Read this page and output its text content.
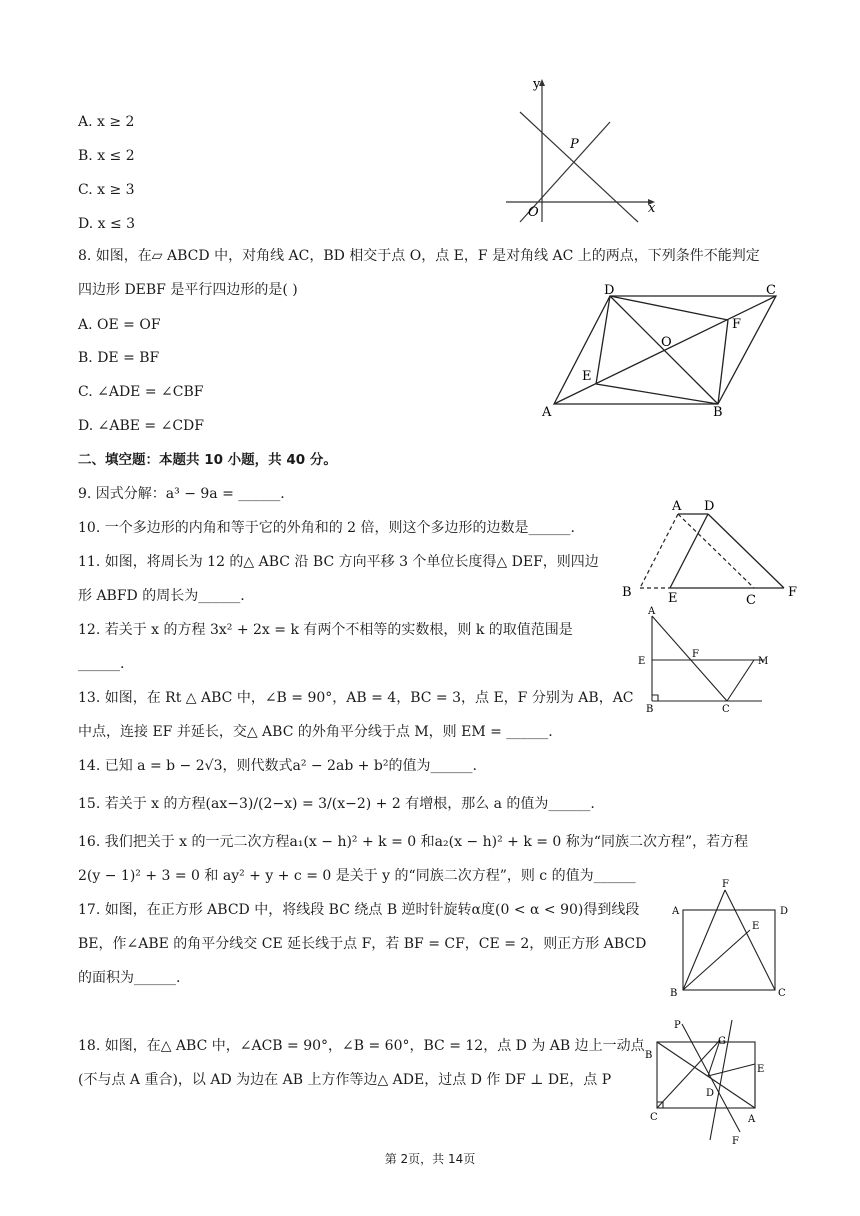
A. x ≥ 2
B. x ≤ 2
C. x ≥ 3
D. x ≤ 3
y
x
O
P
8. 如图，在▱ ABCD 中，对角线 AC，BD 相交于点 O，点 E，F 是对角线 AC 上的两点，下列条件不能判定
四边形 DEBF 是平行四边形的是( )
A. OE = OF
B. DE = BF
C. ∠ADE = ∠CBF
D. ∠ABE = ∠CDF
A	B
C
D
E
F
O
二、填空题：本题共 10 小题，共 40 分。
9. 因式分解：a³ − 9a = ______.
10. 一个多边形的内角和等于它的外角和的 2 倍，则这个多边形的边数是______.
11. 如图，将周长为 12 的△ ABC 沿 BC 方向平移 3 个单位长度得△ DEF，则四边
形 ABFD 的周长为______.
A D
B	E	C
F
12. 若关于 x 的方程 3x² + 2x = k 有两个不相等的实数根，则 k 的取值范围是
______.
13. 如图，在 Rt △ ABC 中，∠B = 90°，AB = 4，BC = 3，点 E，F 分别为 AB，AC
中点，连接 EF 并延长，交△ ABC 的外角平分线于点 M，则 EM = ______.
A
E
F
M
B	C
14. 已知 a = b − 2√3，则代数式a² − 2ab + b²的值为______.
15. 若关于 x 的方程(ax−3)/(2−x) = 3/(x−2) + 2 有增根，那么 a 的值为______.
16. 我们把关于 x 的一元二次方程a₁(x − h)² + k = 0 和a₂(x − h)² + k = 0 称为“同族二次方程”，若方程
2(y − 1)² + 3 = 0 和 ay² + y + c = 0 是关于 y 的“同族二次方程”，则 c 的值为______
17. 如图，在正方形 ABCD 中，将线段 BC 绕点 B 逆时针旋转α度(0 < α < 90)得到线段
BE，作∠ABE 的角平分线交 CE 延长线于点 F，若 BF = CF，CE = 2，则正方形 ABCD
的面积为______.
F
A	D
E
B	C
18. 如图，在△ ABC 中，∠ACB = 90°，∠B = 60°，BC = 12，点 D 为 AB 边上一动点
(不与点 A 重合)，以 AD 为边在 AB 上方作等边△ ADE，过点 D 作 DF ⊥ DE，点 P
P
G
B
E
D
C	A
F
第 2页，共 14页
